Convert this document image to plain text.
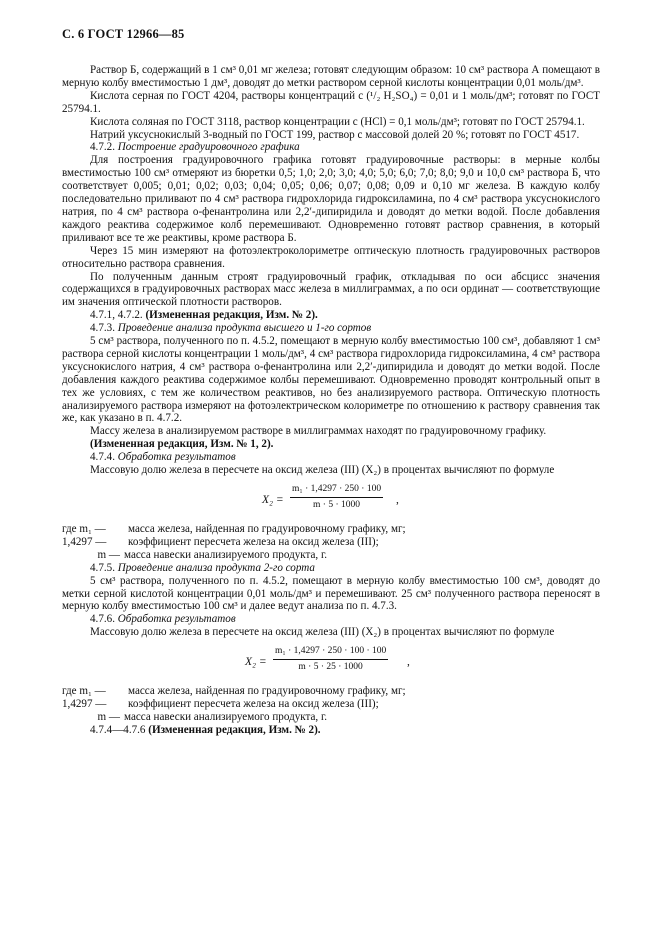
С. 6 ГОСТ 12966—85

Раствор Б, содержащий в 1 см³ 0,01 мг железа; готовят следующим образом: 10 см³ раствора А помещают в мерную колбу вместимостью 1 дм³, доводят до метки раствором серной кислоты концентрации 0,01 моль/дм³.

Кислота серная по ГОСТ 4204, растворы концентраций с (¹/₂ H₂SO₄) = 0,01 и 1 моль/дм³; готовят по ГОСТ 25794.1.

Кислота соляная по ГОСТ 3118, раствор концентрации с (HCl) = 0,1 моль/дм³; готовят по ГОСТ 25794.1.

Натрий уксуснокислый 3-водный по ГОСТ 199, раствор с массовой долей 20 %; готовят по ГОСТ 4517.

4.7.2. Построение градуировочного графика

Для построения градуировочного графика готовят градуировочные растворы: в мерные колбы вместимостью 100 см³ отмеряют из бюретки 0,5; 1,0; 2,0; 3,0; 4,0; 5,0; 6,0; 7,0; 8,0; 9,0 и 10,0 см³ раствора Б, что соответствует 0,005; 0,01; 0,02; 0,03; 0,04; 0,05; 0,06; 0,07; 0,08; 0,09 и 0,10 мг железа. В каждую колбу последовательно приливают по 4 см³ раствора гидрохлорида гидроксиламина, по 4 см³ раствора уксуснокислого натрия, по 4 см³ раствора о-фенантролина или 2,2′-дипиридила и доводят до метки водой. После добавления каждого реактива содержимое колб перемешивают. Одновременно готовят раствор сравнения, в который приливают все те же реактивы, кроме раствора Б.

Через 15 мин измеряют на фотоэлектроколориметре оптическую плотность градуировочных растворов относительно раствора сравнения.

По полученным данным строят градуировочный график, откладывая по оси абсцисс значения содержащихся в градуировочных растворах масс железа в миллиграммах, а по оси ординат — соответствующие им значения оптической плотности растворов.

4.7.1, 4.7.2. (Измененная редакция, Изм. № 2).

4.7.3. Проведение анализа продукта высшего и 1-го сортов

5 см³ раствора, полученного по п. 4.5.2, помещают в мерную колбу вместимостью 100 см³, добавляют 1 см³ раствора серной кислоты концентрации 1 моль/дм³, 4 см³ раствора гидрохлорида гидроксиламина, 4 см³ раствора уксуснокислого натрия, 4 см³ раствора о-фенантролина или 2,2′-дипиридила и доводят до метки водой. После добавления каждого реактива содержимое колбы перемешивают. Одновременно проводят контрольный опыт в тех же условиях, с тем же количеством реактивов, но без анализируемого раствора. Оптическую плотность анализируемого раствора измеряют на фотоэлектрическом колориметре по отношению к раствору сравнения так же, как указано в п. 4.7.2.

Массу железа в анализируемом растворе в миллиграммах находят по градуировочному графику.

(Измененная редакция, Изм. № 1, 2).

4.7.4. Обработка результатов

Массовую долю железа в пересчете на оксид железа (III) (X₂) в процентах вычисляют по формуле

$X_2 = \frac{\text{m₁ · 1,4297 · 250 · 100}}{m \cdot 5 \cdot 1000}$ ,
где m₁ —	масса железа, найденная по градуировочному графику, мг;
1,4297 —	коэффициент пересчета железа на оксид железа (III);
m — масса навески анализируемого продукта, г.

4.7.5. Проведение анализа продукта 2-го сорта

5 см³ раствора, полученного по п. 4.5.2, помещают в мерную колбу вместимостью 100 см³, доводят до метки серной кислотой концентрации 0,01 моль/дм³ и перемешивают. 25 см³ полученного раствора переносят в мерную колбу вместимостью 100 см³ и далее ведут анализа по п. 4.7.3.

4.7.6. Обработка результатов

Массовую долю железа в пересчете на оксид железа (III) (X₂) в процентах вычисляют по формуле

$X_2 = \frac{\text{m₁ · 1,4297 · 250 · 100 · 100}}{m \cdot 5 \cdot 25 \cdot 1000}$ ,
где m₁ —	масса железа, найденная по градуировочному графику, мг;
1,4297 —	коэффициент пересчета железа на оксид железа (III);
m — масса навески анализируемого продукта, г.

4.7.4—4.7.6 (Измененная редакция, Изм. № 2).
